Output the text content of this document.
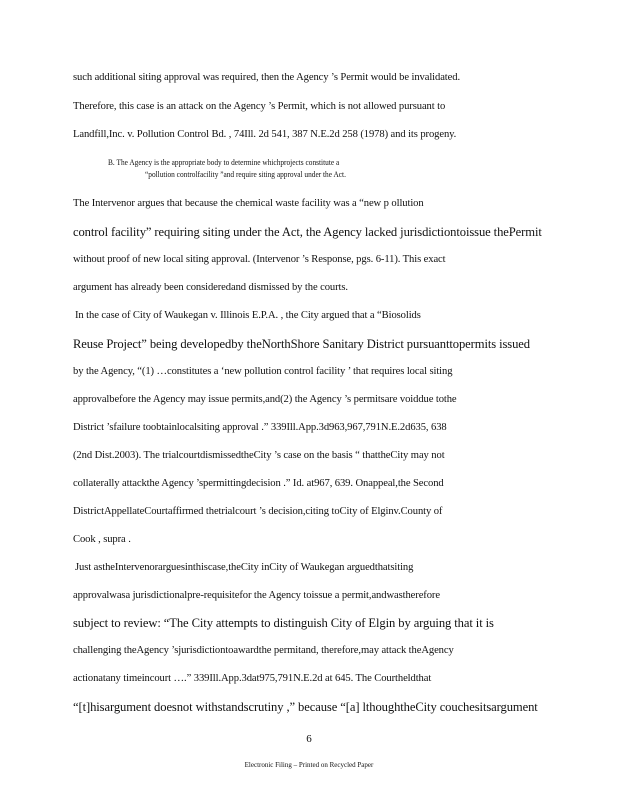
such additional siting approval was required, then the Agency ’s Permit would be invalidated.
Therefore, this case is an attack on the Agency ’s Permit, which is not allowed pursuant to
Landfill,Inc. v. Pollution Control Bd. , 74Ill. 2d 541, 387 N.E.2d 258 (1978) and its progeny.
B. The Agency is the appropriate body to determine whichprojects constitute a
“pollution controlfacility ”and require siting approval under the Act.
The Intervenor argues that because the chemical waste facility was a “new p ollution
control facility” requiring siting under the Act, the Agency lacked jurisdictiontoissue thePermit
without proof of new local siting approval. (Intervenor ’s Response, pgs. 6-11). This exact
argument has already been consideredand dismissed by the courts.
In the case of City of Waukegan v. Illinois E.P.A. , the City argued that a “Biosolids
Reuse Project” being developedby theNorthShore Sanitary District pursuanttopermits issued
by the Agency, “(1) …constitutes a ‘new pollution control facility ’ that requires local siting
approvalbefore the Agency may issue permits,and(2) the Agency ’s permitsare voiddue tothe
District ’sfailure toobtainlocalsiting approval .” 339Ill.App.3d963,967,791N.E.2d635, 638
(2nd Dist.2003). The trialcourtdismissedtheCity ’s case on the basis “ thattheCity may not
collaterally attackthe Agency ’spermittingdecision .” Id. at967, 639. Onappeal,the Second
DistrictAppellateCourtaffirmed thetrialcourt ’s decision,citing toCity of Elginv.County of
Cook , supra .
Just astheIntervenorarguesinthiscase,theCity inCity of Waukegan arguedthatsiting
approvalwasa jurisdictionalpre-requisitefor the Agency toissue a permit,andwastherefore
subject to review: “The City attempts to distinguish City of Elgin by arguing that it is
challenging theAgency ’sjurisdictiontoawardthe permitand, therefore,may attack theAgency
actionatany timeincourt ….” 339Ill.App.3dat975,791N.E.2d at 645. The Courtheldthat
“[t]hisargument doesnot withstandscrutiny ,” because “[a] lthoughtheCity couchesitsargument
6
Electronic Filing – Printed on Recycled Paper
